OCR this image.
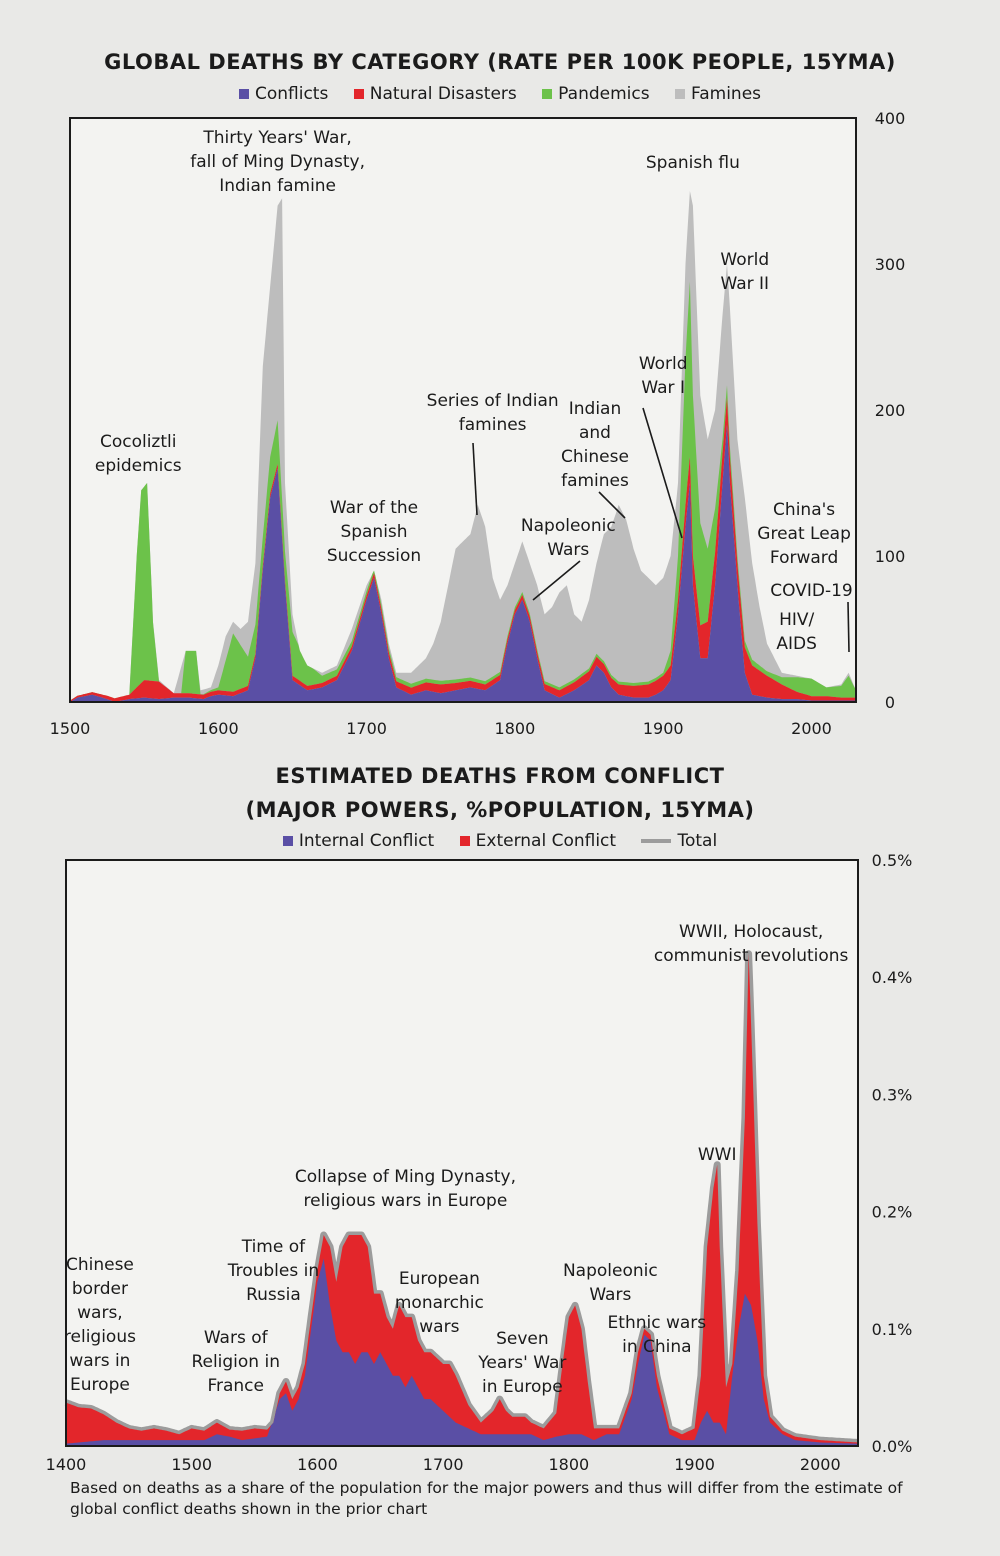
GLOBAL DEATHS BY CATEGORY (RATE PER 100K PEOPLE, 15YMA)
Conflicts Natural Disasters Pandemics Famines
ESTIMATED DEATHS FROM CONFLICT
(MAJOR POWERS, %POPULATION, 15YMA)
Internal Conflict External Conflict	Total
0
100
200
300
400
1500	1600	1700	1800	1900	2000
Cocoliztli epidemics
Thirty Years' War, fall of Ming Dynasty, Indian famine
War of the Spanish Succession
Series of Indian famines
Napoleonic Wars
Indian and Chinese famines
World War I
Spanish flu
World War II
China's Great Leap Forward
COVID-19
HIV/ AIDS
0.0%
0.1%
0.2%
0.3%
0.4%
0.5%
1400	1500	1600	1700	1800	1900	2000
Chinese border wars, religious wars in Europe
Wars of Religion in France
Time of Troubles in Russia
Collapse of Ming Dynasty, religious wars in Europe
European monarchic wars
Seven Years' War in Europe
Napoleonic Wars
Ethnic wars in China
WWI
WWII, Holocaust, communist revolutions
Based on deaths as a share of the population for the major powers and thus will differ from the estimate of global conflict deaths shown in the prior chart
